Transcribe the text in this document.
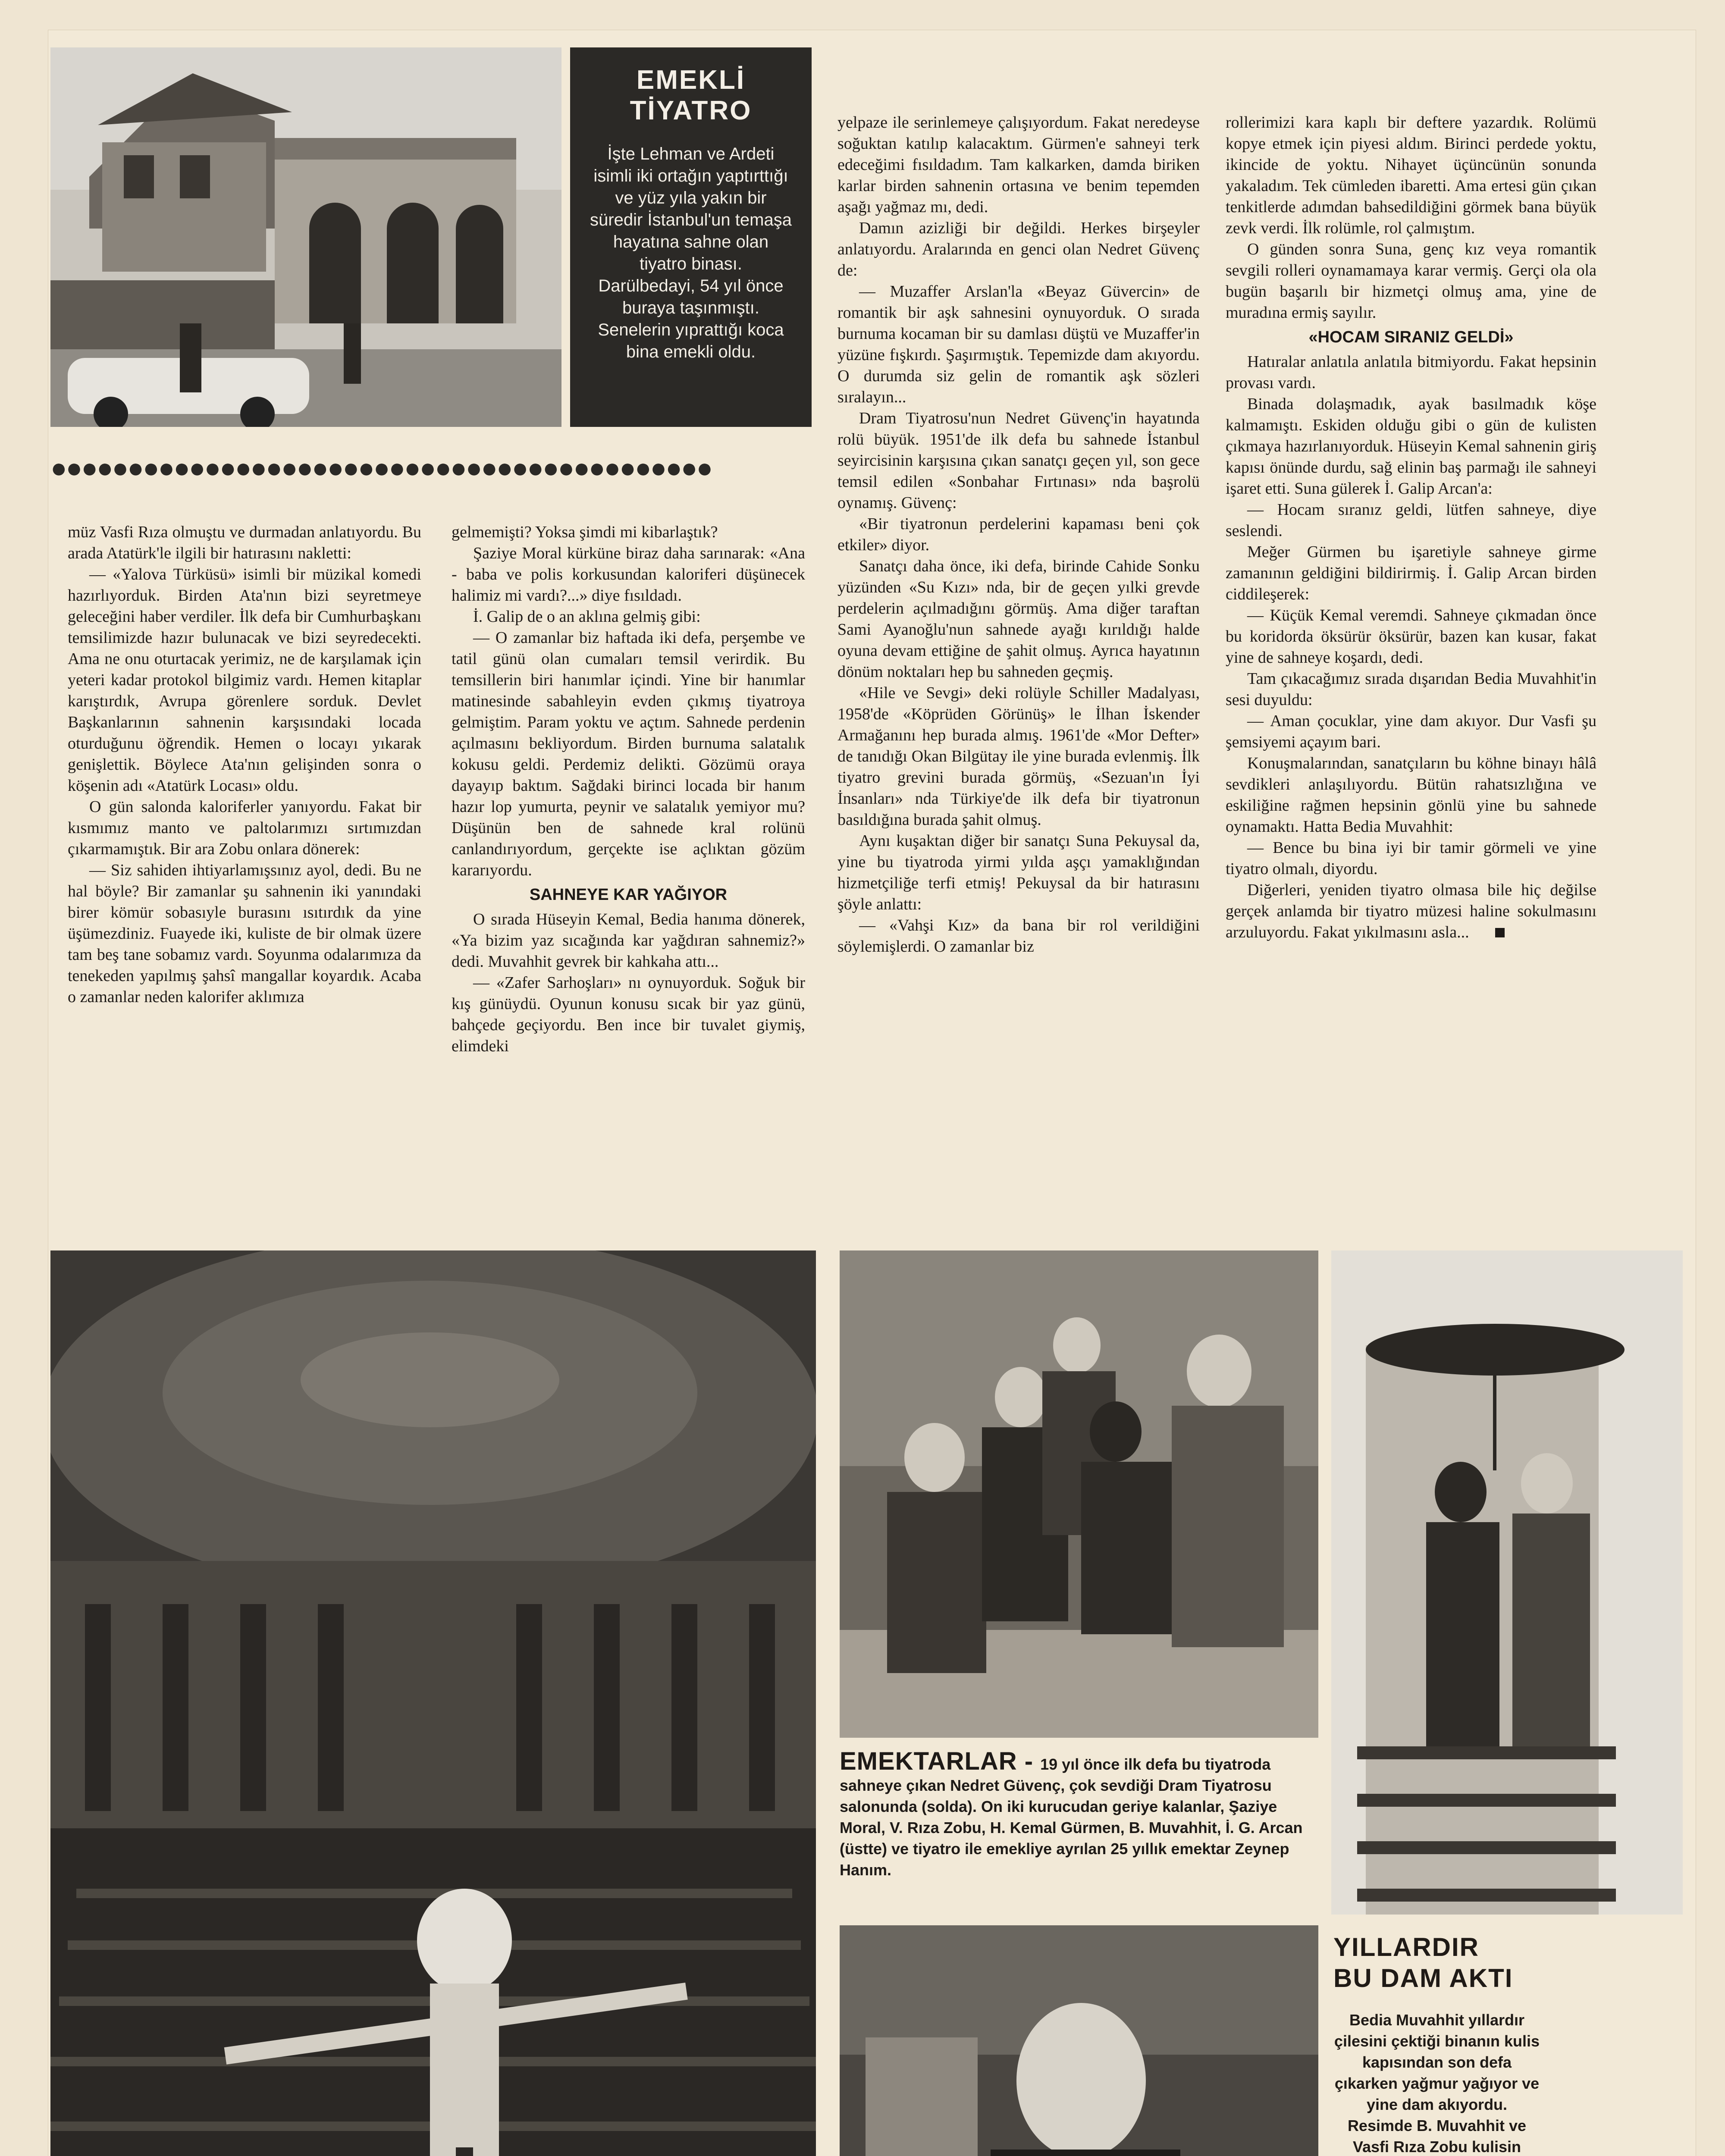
EMEKLİ TİYATRO

İşte Lehman ve Ardeti isimli iki ortağın yaptırttığı ve yüz yıla yakın bir süredir İstanbul'un temaşa hayatına sahne olan tiyatro binası. Darülbedayi, 54 yıl önce buraya taşınmıştı. Senelerin yıprattığı koca bina emekli oldu.

●●●●●●●●●●●●●●●●●●●●●●●●●●●●●●●●●●●●●●●●●●●

müz Vasfi Rıza olmuştu ve durmadan anlatıyordu. Bu arada Atatürk'le ilgili bir hatırasını nakletti:

— «Yalova Türküsü» isimli bir müzikal komedi hazırlıyorduk. Birden Ata'nın bizi seyretmeye geleceğini haber verdiler. İlk defa bir Cumhurbaşkanı temsilimizde hazır bulunacak ve bizi seyredecekti. Ama ne onu oturtacak yerimiz, ne de karşılamak için yeteri kadar protokol bilgimiz vardı. Hemen kitaplar karıştırdık, Avrupa görenlere sorduk. Devlet Başkanlarının sahnenin karşısındaki locada oturduğunu öğrendik. Hemen o locayı yıkarak genişlettik. Böylece Ata'nın gelişinden sonra o köşenin adı «Atatürk Locası» oldu.

O gün salonda kaloriferler yanıyordu. Fakat bir kısmımız manto ve paltolarımızı sırtımızdan çıkarmamıştık. Bir ara Zobu onlara dönerek:

— Siz sahiden ihtiyarlamışsınız ayol, dedi. Bu ne hal böyle? Bir zamanlar şu sahnenin iki yanındaki birer kömür sobasıyle burasını ısıtırdık da yine üşümezdiniz. Fuayede iki, kuliste de bir olmak üzere tam beş tane sobamız vardı. Soyunma odalarımıza da tenekeden yapılmış şahsî mangallar koyardık. Acaba o zamanlar neden kalorifer aklımıza

gelmemişti? Yoksa şimdi mi kibarlaştık?

Şaziye Moral kürküne biraz daha sarınarak: «Ana - baba ve polis korkusundan kaloriferi düşünecek halimiz mi vardı?...» diye fısıldadı.

İ. Galip de o an aklına gelmiş gibi:

— O zamanlar biz haftada iki defa, perşembe ve tatil günü olan cumaları temsil verirdik. Bu temsillerin biri hanımlar içindi. Yine bir hanımlar matinesinde sabahleyin evden çıkmış tiyatroya gelmiştim. Param yoktu ve açtım. Sahnede perdenin açılmasını bekliyordum. Birden burnuma salatalık kokusu geldi. Perdemiz delikti. Gözümü oraya dayayıp baktım. Sağdaki birinci locada bir hanım hazır lop yumurta, peynir ve salatalık yemiyor mu? Düşünün ben de sahnede kral rolünü canlandırıyordum, gerçekte ise açlıktan gözüm kararıyordu.

SAHNEYE KAR YAĞIYOR

O sırada Hüseyin Kemal, Bedia hanıma dönerek, «Ya bizim yaz sıcağında kar yağdıran sahnemiz?» dedi. Muvahhit gevrek bir kahkaha attı...

— «Zafer Sarhoşları» nı oynuyorduk. Soğuk bir kış günüydü. Oyunun konusu sıcak bir yaz günü, bahçede geçiyordu. Ben ince bir tuvalet giymiş, elimdeki

yelpaze ile serinlemeye çalışıyordum. Fakat neredeyse soğuktan katılıp kalacaktım. Gürmen'e sahneyi terk edeceğimi fısıldadım. Tam kalkarken, damda biriken karlar birden sahnenin ortasına ve benim tepemden aşağı yağmaz mı, dedi.

Damın azizliği bir değildi. Herkes birşeyler anlatıyordu. Aralarında en genci olan Nedret Güvenç de:

— Muzaffer Arslan'la «Beyaz Güvercin» de romantik bir aşk sahnesini oynuyorduk. O sırada burnuma kocaman bir su damlası düştü ve Muzaffer'in yüzüne fışkırdı. Şaşırmıştık. Tepemizde dam akıyordu. O durumda siz gelin de romantik aşk sözleri sıralayın...

Dram Tiyatrosu'nun Nedret Güvenç'in hayatında rolü büyük. 1951'de ilk defa bu sahnede İstanbul seyircisinin karşısına çıkan sanatçı geçen yıl, son gece temsil edilen «Sonbahar Fırtınası» nda başrolü oynamış. Güvenç:

«Bir tiyatronun perdelerini kapaması beni çok etkiler» diyor.

Sanatçı daha önce, iki defa, birinde Cahide Sonku yüzünden «Su Kızı» nda, bir de geçen yılki grevde perdelerin açılmadığını görmüş. Ama diğer taraftan Sami Ayanoğlu'nun sahnede ayağı kırıldığı halde oyuna devam ettiğine de şahit olmuş. Ayrıca hayatının dönüm noktaları hep bu sahneden geçmiş.

«Hile ve Sevgi» deki rolüyle Schiller Madalyası, 1958'de «Köprüden Görünüş» le İlhan İskender Armağanını hep burada almış. 1961'de «Mor Defter» de tanıdığı Okan Bilgütay ile yine burada evlenmiş. İlk tiyatro grevini burada görmüş, «Sezuan'ın İyi İnsanları» nda Türkiye'de ilk defa bir tiyatronun basıldığına burada şahit olmuş.

Aynı kuşaktan diğer bir sanatçı Suna Pekuysal da, yine bu tiyatroda yirmi yılda aşçı yamaklığından hizmetçiliğe terfi etmiş! Pekuysal da bir hatırasını şöyle anlattı:

— «Vahşi Kız» da bana bir rol verildiğini söylemişlerdi. O zamanlar biz

rollerimizi kara kaplı bir deftere yazardık. Rolümü kopye etmek için piyesi aldım. Birinci perdede yoktu, ikincide de yoktu. Nihayet üçüncünün sonunda yakaladım. Tek cümleden ibaretti. Ama ertesi gün çıkan tenkitlerde adımdan bahsedildiğini görmek bana büyük zevk verdi. İlk rolümle, rol çalmıştım.

O günden sonra Suna, genç kız veya romantik sevgili rolleri oynamamaya karar vermiş. Gerçi ola ola bugün başarılı bir hizmetçi olmuş ama, yine de muradına ermiş sayılır.

«HOCAM SIRANIZ GELDİ»

Hatıralar anlatıla anlatıla bitmiyordu. Fakat hepsinin provası vardı.

Binada dolaşmadık, ayak basılmadık köşe kalmamıştı. Eskiden olduğu gibi o gün de kulisten çıkmaya hazırlanıyorduk. Hüseyin Kemal sahnenin giriş kapısı önünde durdu, sağ elinin baş parmağı ile sahneyi işaret etti. Suna gülerek İ. Galip Arcan'a:

— Hocam sıranız geldi, lütfen sahneye, diye seslendi.

Meğer Gürmen bu işaretiyle sahneye girme zamanının geldiğini bildirirmiş. İ. Galip Arcan birden ciddileşerek:

— Küçük Kemal veremdi. Sahneye çıkmadan önce bu koridorda öksürür öksürür, bazen kan kusar, fakat yine de sahneye koşardı, dedi.

Tam çıkacağımız sırada dışarıdan Bedia Muvahhit'in sesi duyuldu:

— Aman çocuklar, yine dam akıyor. Dur Vasfi şu şemsiyemi açayım bari.

Konuşmalarından, sanatçıların bu köhne binayı hâlâ sevdikleri anlaşılıyordu. Bütün rahatsızlığına ve eskiliğine rağmen hepsinin gönlü yine bu sahnede oynamaktı. Hatta Bedia Muvahhit:

— Bence bu bina iyi bir tamir görmeli ve yine tiyatro olmalı, diyordu.

Diğerleri, yeniden tiyatro olmasa bile hiç değilse gerçek anlamda bir tiyatro müzesi haline sokulmasını arzuluyordu. Fakat yıkılmasını asla...

EMEKTARLAR - 19 yıl önce ilk defa bu tiyatroda sahneye çıkan Nedret Güvenç, çok sevdiği Dram Tiyatrosu salonunda (solda). On iki kurucudan geriye kalanlar, Şaziye Moral, V. Rıza Zobu, H. Kemal Gürmen, B. Muvahhit, İ. G. Arcan (üstte) ve tiyatro ile emekliye ayrılan 25 yıllık emektar Zeynep Hanım.
YILLARDIR
BU DAM AKTI
Bedia Muvahhit yıllardır çilesini çektiği binanın kulis kapısından son defa çıkarken yağmur yağıyor ve yine dam akıyordu. Resimde B. Muvahhit ve Vasfi Rıza Zobu kulisin
